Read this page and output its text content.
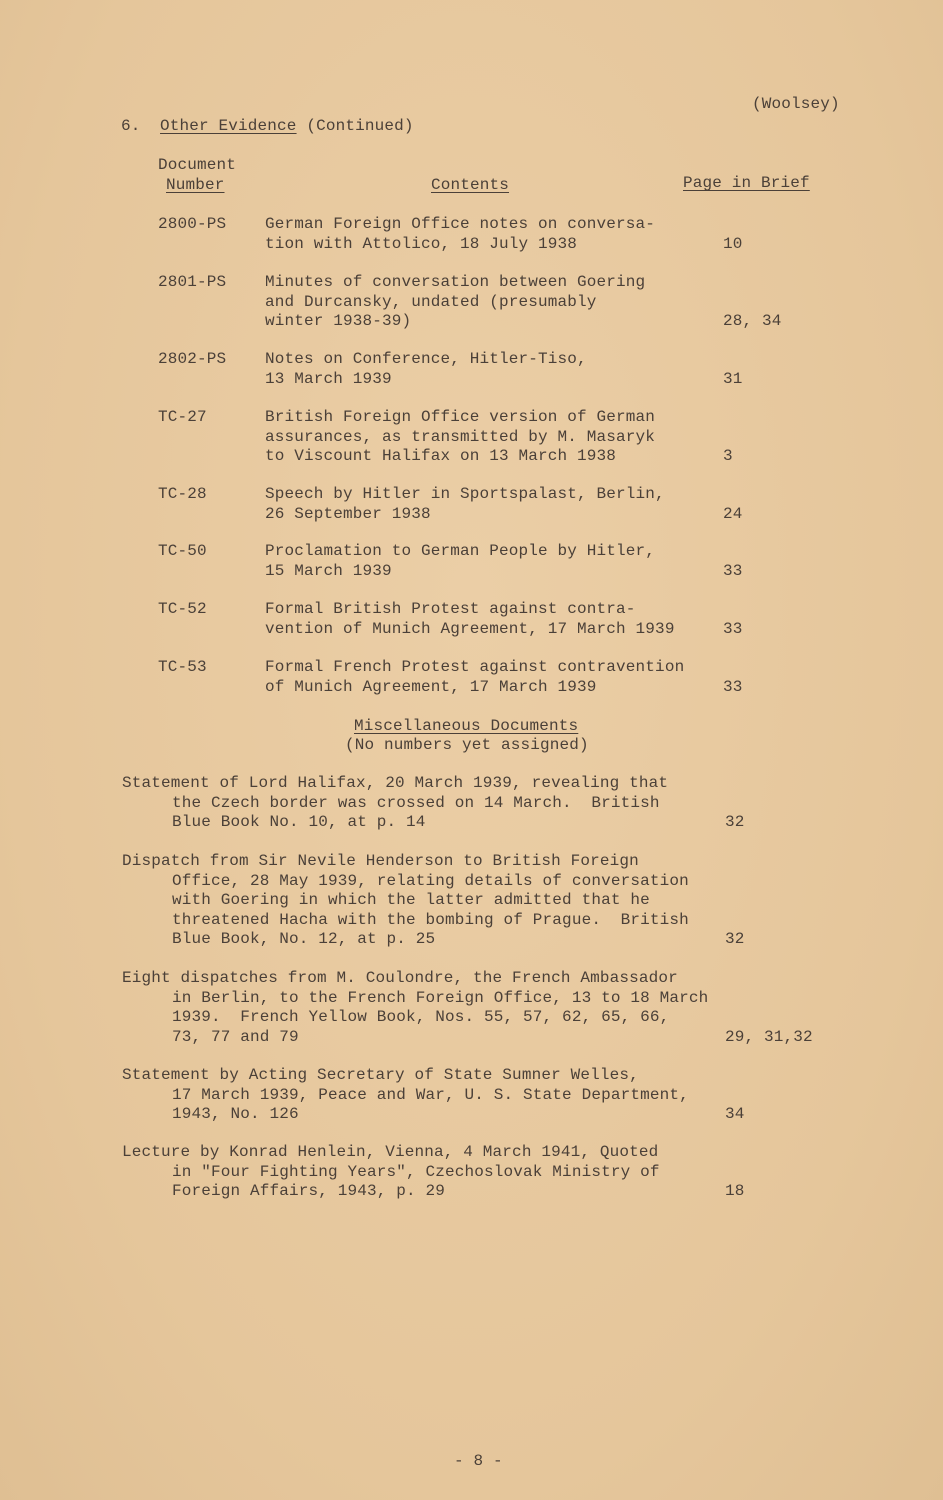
(Woolsey)
6. Other Evidence (Continued)
Document
Number	Contents	Page in Brief
2800-PS German Foreign Office notes on conversa-
tion with Attolico, 18 July 1938	10
2801-PS Minutes of conversation between Goering
and Durcansky, undated (presumably
winter 1938-39)	28, 34
2802-PS Notes on Conference, Hitler-Tiso,
13 March 1939	31
TC-27	British Foreign Office version of German
assurances, as transmitted by M. Masaryk
to Viscount Halifax on 13 March 1938	3
TC-28	Speech by Hitler in Sportspalast, Berlin,
26 September 1938	24
TC-50	Proclamation to German People by Hitler,
15 March 1939	33
TC-52	Formal British Protest against contra-
vention of Munich Agreement, 17 March 1939	33
TC-53	Formal French Protest against contravention
of Munich Agreement, 17 March 1939	33
Miscellaneous Documents
(No numbers yet assigned)
Statement of Lord Halifax, 20 March 1939, revealing that
the Czech border was crossed on 14 March.  British
Blue Book No. 10, at p. 14	32
Dispatch from Sir Nevile Henderson to British Foreign
Office, 28 May 1939, relating details of conversation
with Goering in which the latter admitted that he
threatened Hacha with the bombing of Prague.  British
Blue Book, No. 12, at p. 25	32
Eight dispatches from M. Coulondre, the French Ambassador
in Berlin, to the French Foreign Office, 13 to 18 March
1939.  French Yellow Book, Nos. 55, 57, 62, 65, 66,
73, 77 and 79	29, 31,32
Statement by Acting Secretary of State Sumner Welles,
17 March 1939, Peace and War, U. S. State Department,
1943, No. 126	34
Lecture by Konrad Henlein, Vienna, 4 March 1941, Quoted
in "Four Fighting Years", Czechoslovak Ministry of
Foreign Affairs, 1943, p. 29	18
- 8 -
